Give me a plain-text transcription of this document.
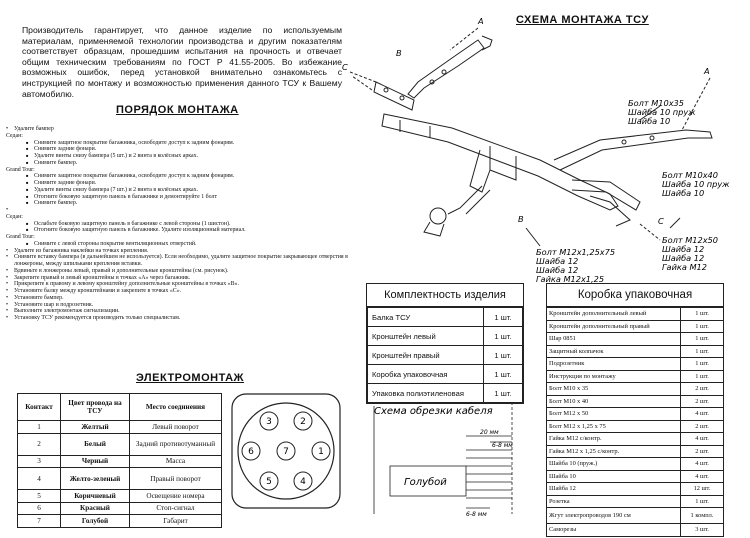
Производитель гарантирует, что данное изделие по используемым материалам, применяемой технологии производства и другим показателям соответствует образцам, прошедшим испытания на прочность и отвечает общим техническим требованиям по ГОСТ Р 41.55-2005. Во избежание возможных ошибок, перед установкой внимательно ознакомьтесь с инструкцией по монтажу и возможностью применения данного ТСУ к Вашему автомобилю.
ПОРЯДОК МОНТАЖА
• Удалите бампер
Седан:
■ Снимите защитное покрытие багажника, освободите доступ к задним фонарям.
■ Снимите задние фонари.
■ Удалите винты снизу бампера (5 шт.) и 2 винта в колёсных арках.
■ Снимите бампер.
Grand Tour:
■ Снимите защитное покрытие багажника, освободите доступ к задним фонарям.
■ Снимите задние фонари.
■ Удалите винты снизу бампера (7 шт.) и 2 винта в колёсных арках.
■ Отогните боковую защитную панель в багажнике и демонтируйте 1 болт
■ Снимите бампер.
•
Седан:
■ Ослабьте боковую защитную панель в багажнике с левой стороны (1 шистон).
■ Отогните боковую защитную панель в багажнике. Удалите изоляционный материал.
Grand Tour:
■ Снимите с левой стороны покрытие вентиляционных отверстий.
• Удалите из багажника наклейки на точках крепления.
• Снимите вставку бампера (в дальнейшем не используется). Если необходимо, удалите защитное покрытие закрывающее отверстия в лонжероны, между шпильками крепления вставки.
• Вдвиньте в лонжероны левый, правый и дополнительные кронштейны (см. рисунок).
• Закрепите правый и левый кронштейны в точках «А» через багажник.
• Прикрепите к правому и левому кронштейну дополнительные кронштейны в точках «В».
• Установите балку между кронштейнами и закрепите в точках «С».
• Установите бампер.
• Установите шар и подрозетник.
• Выполните электромонтаж сигнализации.
• Установку ТСУ рекомендуется производить только специалистам.
ЭЛЕКТРОМОНТАЖ
Контакт	Цвет провода на ТСУ	Место соединения
1	Желтый	Левый поворот
2	Белый	Задний противотуманный
3	Черный	Масса
4	Желто-зеленый	Правый поворот
5	Коричневый	Освещение номера
6	Красный	Стоп-сигнал
7	Голубой	Габарит
1
2
3
4
5
6	7
СХЕМА МОНТАЖА ТСУ
A
A
B
C
C
B
Болт М10х35
Шайба 10 пруж
Шайба 10
Болт М10х40
Шайба 10 пруж
Шайба 10
Болт М12х50
Шайба 12
Шайба 12
Гайка М12
Болт М12х1,25х75
Шайба 12
Шайба 12
Гайка М12х1,25
Комплектность изделия
Балка ТСУ	1 шт.
Кронштейн левый	1 шт.
Кронштейн правый	1 шт.
Коробка упаковочная	1 шт.
Упаковка полиэтиленовая	1 шт.
Коробка упаковочная
Кронштейн дополнительный левый	1 шт.
Кронштейн дополнительный правый	1 шт.
Шар 0851	1 шт.
Защитный колпачок	1 шт.
Подрозетник	1 шт.
Инструкция по монтажу	1 шт.
Болт М10 х 35	2 шт.
Болт М10 х 40	2 шт.
Болт М12 х 50	4 шт.
Болт М12 х 1,25 х 75	2 шт.
Гайка М12 с/контр.	4 шт.
Гайка М12 х 1,25 с/контр.	2 шт.
Шайба 10 (пруж.)	4 шт.
Шайба 10	4 шт.
Шайба 12	12 шт.
Розетка	1 шт.
Жгут электропроводов 190 см	1 компл.
Саморезы	3 шт.
Схема обрезки кабеля
20 мм
6-8 мм
6-8 мм
Голубой
